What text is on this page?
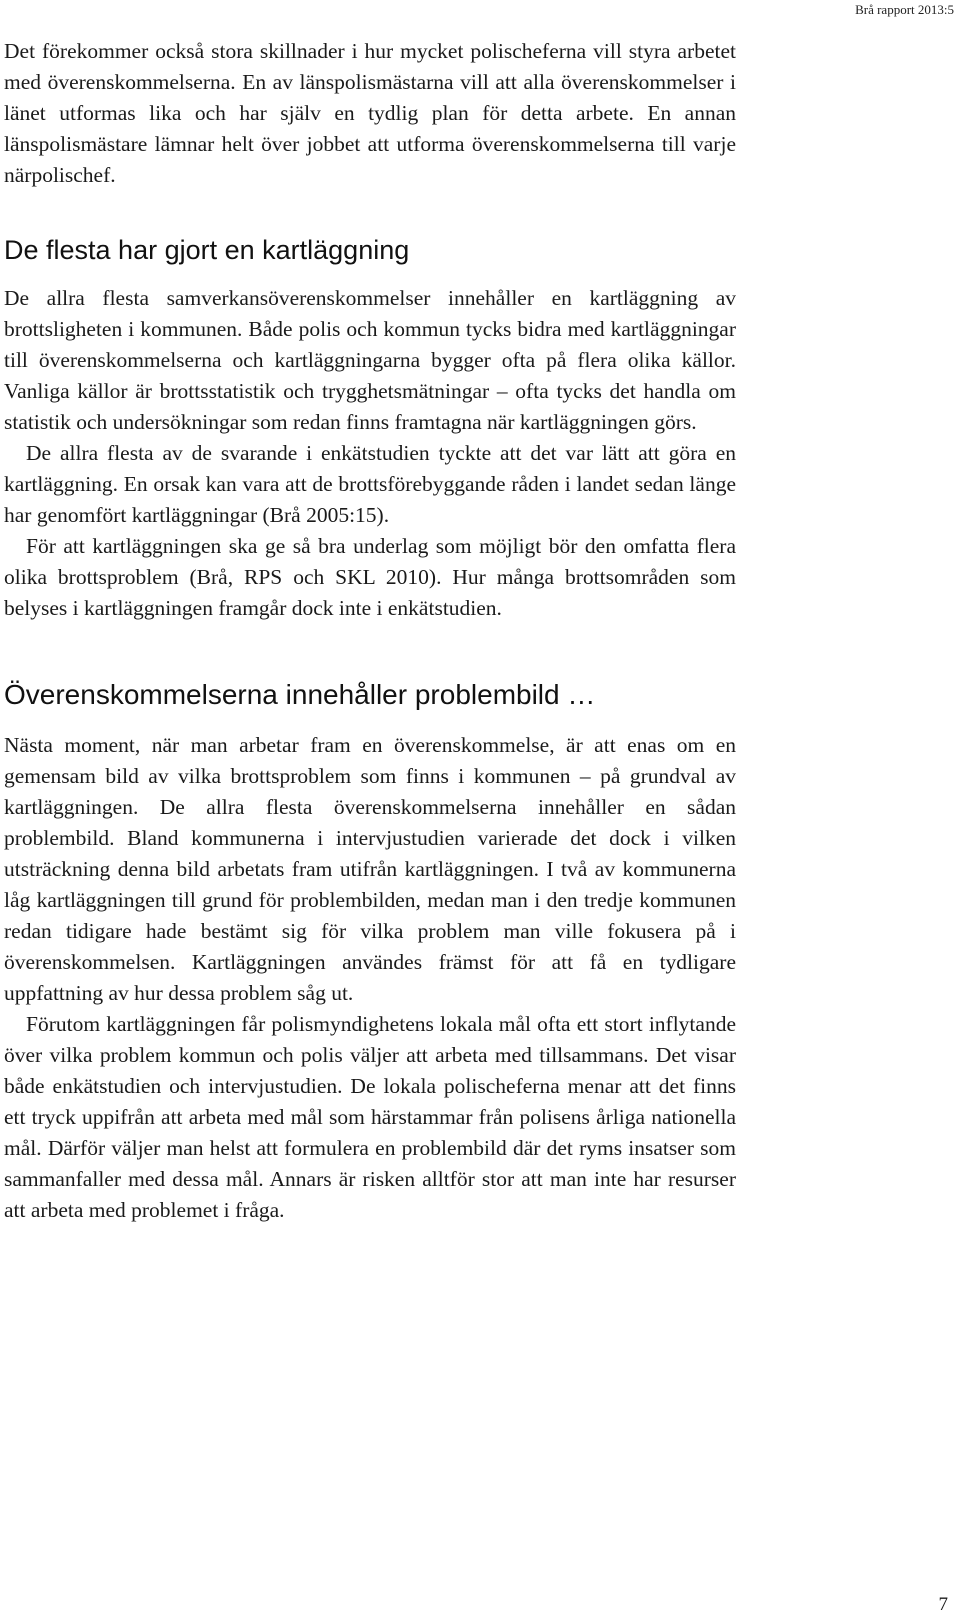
Brå rapport 2013:5

Det förekommer också stora skillnader i hur mycket polischeferna vill styra arbetet med överenskommelserna. En av länspolismästarna vill att alla överenskommelser i länet utformas lika och har själv en tydlig plan för detta arbete. En annan länspolismästare lämnar helt över jobbet att utforma överenskommelserna till varje närpolischef.

De flesta har gjort en kartläggning

De allra flesta samverkansöverenskommelser innehåller en kartläggning av brottsligheten i kommunen. Både polis och kommun tycks bidra med kartläggningar till överenskommelserna och kartläggningarna bygger ofta på flera olika källor. Vanliga källor är brottsstatistik och trygghetsmätningar – ofta tycks det handla om statistik och undersökningar som redan finns framtagna när kartläggningen görs.

De allra flesta av de svarande i enkätstudien tyckte att det var lätt att göra en kartläggning. En orsak kan vara att de brottsförebyggande råden i landet sedan länge har genomfört kartläggningar (Brå 2005:15).

För att kartläggningen ska ge så bra underlag som möjligt bör den omfatta flera olika brottsproblem (Brå, RPS och SKL 2010). Hur många brottsområden som belyses i kartläggningen framgår dock inte i enkätstudien.

Överenskommelserna innehåller problembild …

Nästa moment, när man arbetar fram en överenskommelse, är att enas om en gemensam bild av vilka brottsproblem som finns i kommunen – på grundval av kartläggningen. De allra flesta överenskommelserna innehåller en sådan problembild. Bland kommunerna i intervjustudien varierade det dock i vilken utsträckning denna bild arbetats fram utifrån kartläggningen. I två av kommunerna låg kartläggningen till grund för problembilden, medan man i den tredje kommunen redan tidigare hade bestämt sig för vilka problem man ville fokusera på i överenskommelsen. Kartläggningen användes främst för att få en tydligare uppfattning av hur dessa problem såg ut.

Förutom kartläggningen får polismyndighetens lokala mål ofta ett stort inflytande över vilka problem kommun och polis väljer att arbeta med tillsammans. Det visar både enkätstudien och intervjustudien. De lokala polischeferna menar att det finns ett tryck uppifrån att arbeta med mål som härstammar från polisens årliga nationella mål. Därför väljer man helst att formulera en problembild där det ryms insatser som sammanfaller med dessa mål. Annars är risken alltför stor att man inte har resurser att arbeta med problemet i fråga.

7
